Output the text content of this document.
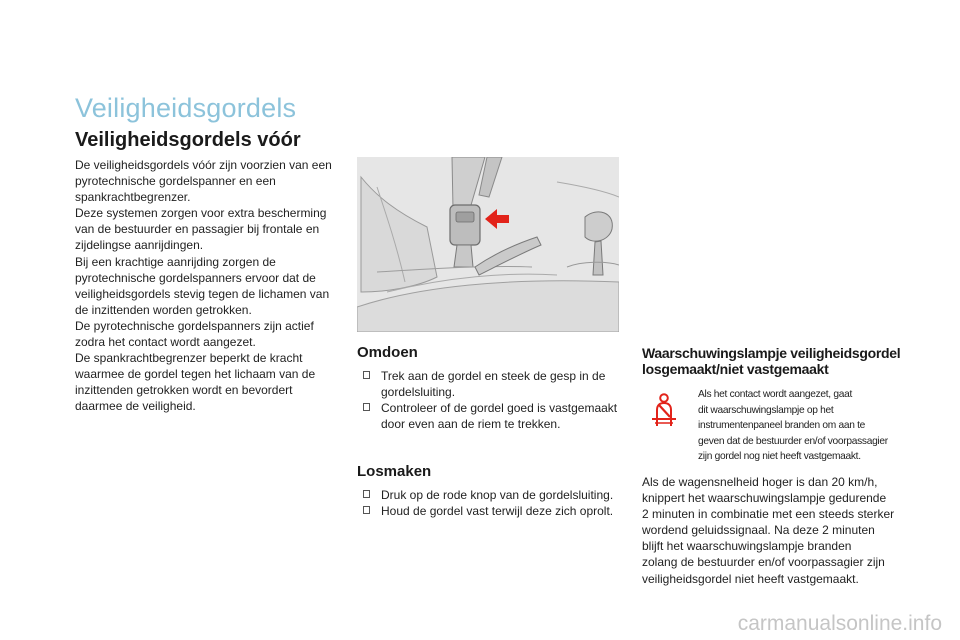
Veiligheidsgordels
Veiligheidsgordels vóór

De veiligheidsgordels vóór zijn voorzien van een pyrotechnische gordelspanner en een spankrachtbegrenzer.

Deze systemen zorgen voor extra bescherming van de bestuurder en passagier bij frontale en zijdelingse aanrijdingen.

Bij een krachtige aanrijding zorgen de pyrotechnische gordelspanners ervoor dat de veiligheidsgordels stevig tegen de lichamen van de inzittenden worden getrokken.

De pyrotechnische gordelspanners zijn actief zodra het contact wordt aangezet.

De spankrachtbegrenzer beperkt de kracht waarmee de gordel tegen het lichaam van de inzittenden getrokken wordt en bevordert daarmee de veiligheid.

Omdoen
Trek aan de gordel en steek de gesp in de gordelsluiting.
Controleer of de gordel goed is vastgemaakt door even aan de riem te trekken.
Losmaken
Druk op de rode knop van de gordelsluiting.
Houd de gordel vast terwijl deze zich oprolt.
Waarschuwingslampje veiligheidsgordel
losgemaakt/niet vastgemaakt
Als het contact wordt aangezet, gaat
dit waarschuwingslampje op het
instrumentenpaneel branden om aan te
geven dat de bestuurder en/of voorpassagier
zijn gordel nog niet heeft vastgemaakt.
Als de wagensnelheid hoger is dan 20 km/h,
knippert het waarschuwingslampje gedurende
2 minuten in combinatie met een steeds sterker
wordend geluidssignaal. Na deze 2 minuten
blijft het waarschuwingslampje branden
zolang de bestuurder en/of voorpassagier zijn
veiligheidsgordel niet heeft vastgemaakt.
carmanualsonline.info
